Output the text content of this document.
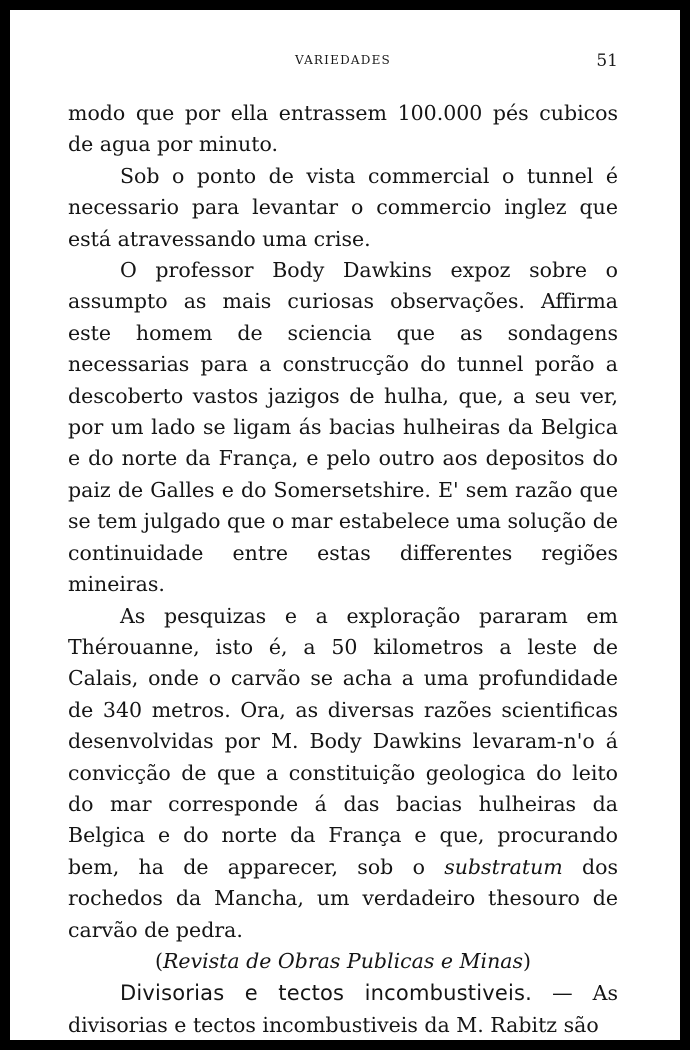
VARIEDADES	51

modo que por ella entrassem 100.000 pés cubicos de agua por minuto.

Sob o ponto de vista commercial o tunnel é necessario para levantar o commercio inglez que está atravessando uma crise.

O professor Body Dawkins expoz sobre o assumpto as mais curiosas observações. Affirma este homem de sciencia que as sondagens necessarias para a construcção do tunnel porão a descoberto vastos jazigos de hulha, que, a seu ver, por um lado se ligam ás bacias hulheiras da Belgica e do norte da França, e pelo outro aos depositos do paiz de Galles e do Somersetshire. E' sem razão que se tem julgado que o mar estabelece uma solução de continuidade entre estas differentes regiões mineiras.

As pesquizas e a exploração pararam em Thérouanne, isto é, a 50 kilometros a leste de Calais, onde o carvão se acha a uma profundidade de 340 metros. Ora, as diversas razões scientificas desenvolvidas por M. Body Dawkins levaram-n'o á convicção de que a constituição geologica do leito do mar corresponde á das bacias hulheiras da Belgica e do norte da França e que, procurando bem, ha de apparecer, sob o substratum dos rochedos da Mancha, um verdadeiro thesouro de carvão de pedra.

(Revista de Obras Publicas e Minas)

Divisorias e tectos incombustiveis. — As divisorias e tectos incombustiveis da M. Rabitz são
